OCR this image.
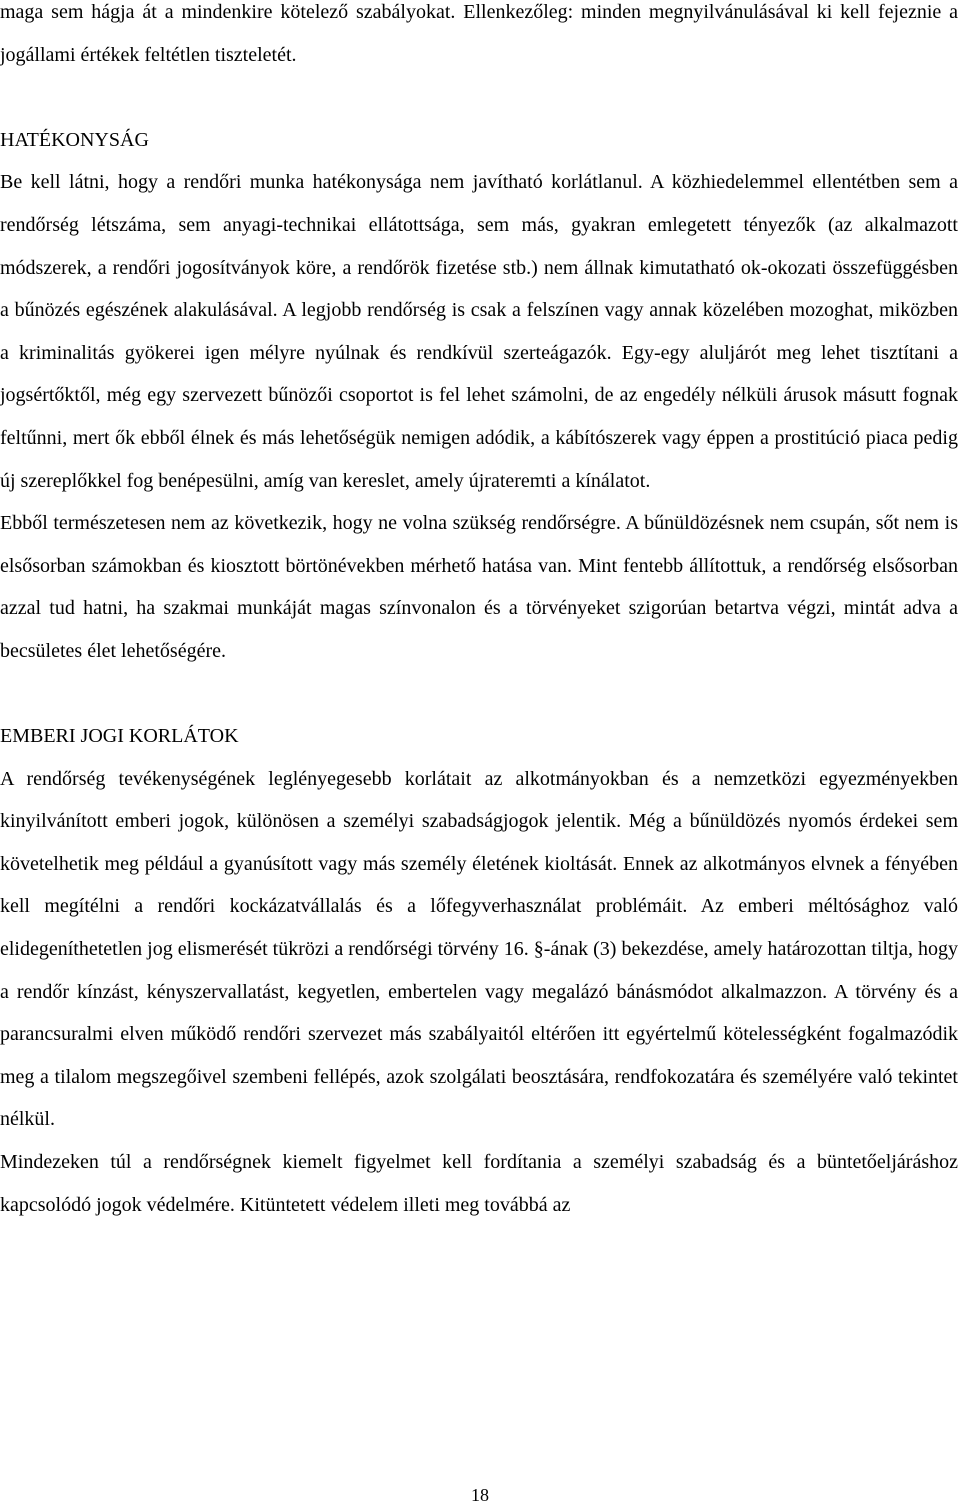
maga sem hágja át a mindenkire kötelező szabályokat. Ellenkezőleg: minden megnyilvánulásával ki kell fejeznie a jogállami értékek feltétlen tiszteletét.

HATÉKONYSÁG

Be kell látni, hogy a rendőri munka hatékonysága nem javítható korlátlanul. A közhiedelemmel ellentétben sem a rendőrség létszáma, sem anyagi-technikai ellátottsága, sem más, gyakran emlegetett tényezők (az alkalmazott módszerek, a rendőri jogosítványok köre, a rendőrök fizetése stb.) nem állnak kimutatható ok-okozati összefüggésben a bűnözés egészének alakulásával. A legjobb rendőrség is csak a felszínen vagy annak közelében mozoghat, miközben a kriminalitás gyökerei igen mélyre nyúlnak és rendkívül szerteágazók. Egy-egy aluljárót meg lehet tisztítani a jogsértőktől, még egy szervezett bűnözői csoportot is fel lehet számolni, de az engedély nélküli árusok másutt fognak feltűnni, mert ők ebből élnek és más lehetőségük nemigen adódik, a kábítószerek vagy éppen a prostitúció piaca pedig új szereplőkkel fog benépesülni, amíg van kereslet, amely újrateremti a kínálatot.

Ebből természetesen nem az következik, hogy ne volna szükség rendőrségre. A bűnüldözésnek nem csupán, sőt nem is elsősorban számokban és kiosztott börtönévekben mérhető hatása van. Mint fentebb állítottuk, a rendőrség elsősorban azzal tud hatni, ha szakmai munkáját magas színvonalon és a törvényeket szigorúan betartva végzi, mintát adva a becsületes élet lehetőségére.

EMBERI JOGI KORLÁTOK

A rendőrség tevékenységének leglényegesebb korlátait az alkotmányokban és a nemzetközi egyezményekben kinyilvánított emberi jogok, különösen a személyi szabadságjogok jelentik. Még a bűnüldözés nyomós érdekei sem követelhetik meg például a gyanúsított vagy más személy életének kioltását. Ennek az alkotmányos elvnek a fényében kell megítélni a rendőri kockázatvállalás és a lőfegyverhasználat problémáit. Az emberi méltósághoz való elidegeníthetetlen jog elismerését tükrözi a rendőrségi törvény 16. §-ának (3) bekezdése, amely határozottan tiltja, hogy a rendőr kínzást, kényszervallatást, kegyetlen, embertelen vagy megalázó bánásmódot alkalmazzon. A törvény és a parancsuralmi elven működő rendőri szervezet más szabályaitól eltérően itt egyértelmű kötelességként fogalmazódik meg a tilalom megszegőivel szembeni fellépés, azok szolgálati beosztására, rendfokozatára és személyére való tekintet nélkül.

Mindezeken túl a rendőrségnek kiemelt figyelmet kell fordítania a személyi szabadság és a büntetőeljáráshoz kapcsolódó jogok védelmére. Kitüntetett védelem illeti meg továbbá az

18
